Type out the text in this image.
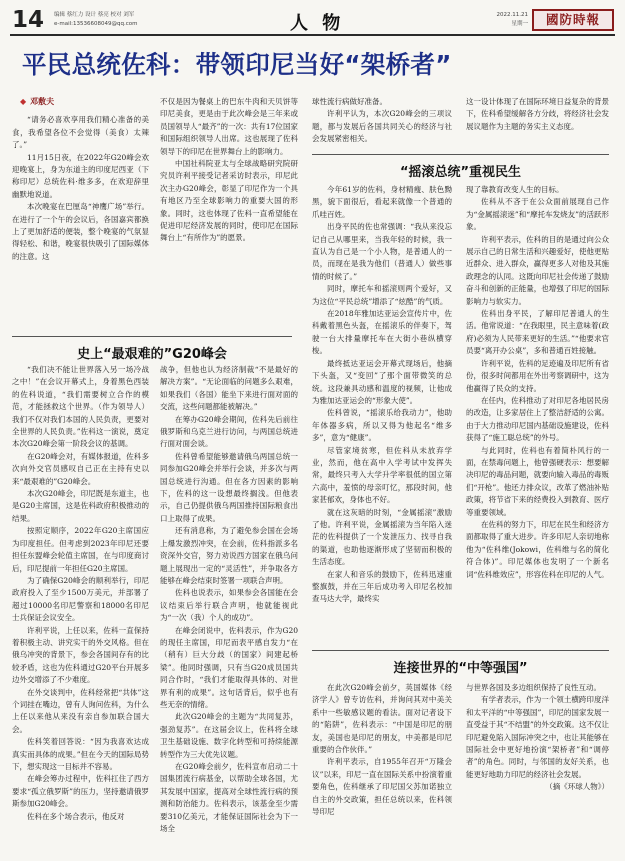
14 编辑 蔡红力 设计 蔡亮 校对 刘军
e-mail:13536608049@qq.com	人 物	2022.11.21
星期一	國防時報
平民总统佐科：带领印尼当好“架桥者”
◆ 邓敷夫

“请务必喜欢享用我们精心准备的美食，我希望各位不会觉得（美食）太辣了。”

11月15日夜，在2022年G20峰会欢迎晚宴上，身为东道主的印度尼西亚（下称印尼）总统佐科·维多多，在欢迎辞里幽默地说道。

本次晚宴在巴厘岛“神鹰广场”举行。在进行了一个午的会议后，各国嘉宾都换上了更加舒适的便装，整个晚宴的气氛显得轻松、和谐，晚宴很快吸引了国际媒体的注意。这

史上“最艰难的”G20峰会

“我们决不能让世界落入另一场冷战之中！”在会议开幕式上，身着黑色西装的佐科说道，“我们需要树立合作的模范，才能拯救这个世界。（作为领导人）我们不仅对我们本国的人民负责，更要对全世界的人民负责。”佐科这一演说，奠定本次G20峰会第一阶段会议的基调。

在G20峰会对，有媒体报道，佐科多次向外交官员感叹自己正在主持有史以来“最艰难的”G20峰会。

本次G20峰会，印尼既是东道主，也是G20主席国，这是佐科政府积极推动的结果。

按照定顺序，2022年G20主席国应为印度担任。但考虑到2023年印尼还要担任东盟峰会轮值主席国，在与印度商讨后，印尼提前一年担任G20主席国。

为了确保G20峰会的顺利举行，印尼政府投入了至少1500万美元，并部署了超过10000名印尼警察和18000名印尼士兵保证会议安全。

许利平说，上任以来，佐科一直保持着积极主动、讲究实干的外交风格。但在俄乌冲突的背景下，参会各国间存有的比较矛盾，这也为佐科通过G20平台开展多边外交增添了不少难度。

在外交谈判中，佐科经常把“共体”这个词挂在嘴边，曾有人询问佐科，为什么上任以来他从来没有亲自参加联合国大会。

佐科笑着回答说：“因为我喜欢达成真实而具体的成果。”但在今天的国际局势下，想实现这一目标并不容易。

在峰会筹办过程中，佐科扛住了西方要求“孤立俄罗斯”的压力，坚持邀请俄罗斯参加G20峰会。

佐科在多个场合表示，他反对

不仅是因为餐桌上的巴东牛肉和天贝饼等印尼美食，更是由于此次峰会是三年来或员国领导人“最齐”的一次：共有17位国家和国际组织领导人出席。这也展现了佐科领导下的印尼在世界舞台上的影响力。

中国社科院亚太与全球战略研究院研究员许利平接受记者采访时表示，印尼此次主办G20峰会，彰显了印尼作为一个具有地区乃至全球影响力的重要大国的形象。同时，这也体现了佐科一直希望能在促进印尼经济发展的同时，使印尼在国际舞台上“有所作为”的愿景。

战争，但他也认为经济制裁“不是最好的解决方案”。“无论面临的问题多么艰难，如果我们（各国）能坐下来进行面对面的交流，这些问题都能被解决。”

在筹办G20峰会期间，佐科先后前往俄罗斯和乌克兰进行访问，与两国总统进行面对面会谈。

佐科曾希望能够邀请俄乌两国总统一同参加G20峰会并举行会谈，并多次与两国总统进行沟通。但在各方因素的影响下，佐科的这一设想最终搁浅。但他表示，自己仍提供俄乌两国推持国际粮食出口上取得了成果。

还有消息称，为了避免参会国在会场上爆发激烈冲突，在会前，佐科指派多名资深外交官，努力劝说西方国家在俄乌问题上展现出一定的“灵活性”，并争取各方能够在峰会结束时签署一项联合声明。

佐科也说表示，如果参会各国能在会议结束后举行联合声明，他就能视此为“一次（我）个人的成功”。

在峰会闭说中，佐科表示，作为G20的现任主席国，印尼而表平感自发力“在（稍有）巨大分歧（的国家）间建起桥梁”。他同时强调，只有当G20成员国共同合作时，“我们才能取得具体的、对世界有利的成果”。这句话背后，似乎也有些无奈的情绪。

此次G20峰会的主题为“共同复苏，强劲复苏”。在这届会议上，佐科将全球卫生基础设施、数字化转型和可持续能源转型作为三大优先议题。

在G20峰会前夕，佐科宣布启动二十国集团流行病基金，以帮助全球各国，尤其发展中国家，提高对全球性流行病的预测和防治能力。佐科表示，该基金至少需要310亿美元，才能保证国际社会为下一场全

球性流行病做好准备。

许利平认为，本次G20峰会的三项议题，都与发展后各国共同关心的经济与社会发展紧密相关。

“摇滚总统”重视民生

今年61岁的佐科，身材精瘦、肤色黝黑，貌下面很后，看起来就像一个普通的爪哇百姓。

出身平民的佐也常强调：“我从来没忘记自己从哪里来，当我年轻的时候，我一直认为自己是一个小人物，是普通人的一员，而现在是我为他们（普通人）做些事情的时候了。”

同时，摩托车和摇滚则两个爱好，又为这位“平民总统”增添了“炫酷”的气质。

在2018年雅加达亚运会宣传片中，佐科戴着黑色头盔，在摇滚乐的伴奏下，驾驶一台大排量摩托车在大街小巷纵横穿梭。

最终抵达亚运会开幕式现场后，他摘下头盔，又“变回”了那个面带微笑的总统。这段兼具动感和温度的视频，让他成为雅加达亚运会的“形象大使”。

佐科曾说，“摇滚乐给我动力”，他助年体器多病，所以又得为他起名“维多多”，意为“健康”。

尽管家境贫寒，但佐科从未放弃学业，然而，他在高中入学考试中发挥失常，最终只考入大学升学率很低的国立第六高中，羞愤的母亲叮忆，那段时间，他家甚郁欢，身体也不好。

就在这灰暗的时刻，“金属摇滚”激励了他。许利平说，金属摇滚为当年陷入迷茫的佐科提供了一个发泄压力、找寻自我的渠道，也助他逐渐形成了坚韧而积极的生活态度。

在家人和音乐的鼓励下，佐科迅速重整旗鼓，并在三年后成功考入印尼名校加查马达大学，最终实

连接世界的“中等强国”

在此次G20峰会前夕，英国媒体《经济学人》曾专访佐科，并询问其对中美关系中一些敏感议题的看法。面对记者设下的“陷阱”，佐科表示：“中国是印尼的朋友，美国也是印尼的朋友，中美都是印尼重要的合作伙伴。”

许利平表示，自1955年召开“万隆会议”以来，印尼一直在国际关系中扮演着重要角色，佐科继承了印尼国父苏加诺独立自主的外交政策，担任总统以来，佐科领导印尼

这一设计体现了在国际环境日益复杂的背景下，佐科希望缓解各方分歧，将经济社会发展议题作为主题的务实主义态度。

现了靠教育改变人生的目标。

佐科从不吝于在公众面前展现自己作为“金属摇滚迷”和“摩托车发烧友”的活跃形象。

许利平表示，佐科的目的是通过向公众展示自己的日常生活和兴趣爱好，使他更贴近群众、进入群众，赢得更多人对他及其施政理念的认同。这既向印尼社会传递了鼓励奋斗和创新的正能量，也增强了印尼的国际影响力与软实力。

佐科出身平民，了解印尼普通人的生活。他常说道：“在我眼里，民主意味着(政府)必须为人民带来更好的生活。”“他要求官员要“离开办公桌”，多和普通百姓接触。

许利平说，佐科的足迹遍及印尼所有省份，很多时间都用在外出考察调研中，这为他赢得了民众的支持。

在任内，佐科推动了对印尼各地居民房的改造，让多家居住上了整洁舒适的公寓。由于大力推动印尼国内基础设施建设，佐科获得了“施工聪总统”的外号。

与此同时，佐科也有着简朴风行的一面，在禁毒问题上，他曾强硬表示：想要解决印尼的毒品问题，就要向输入毒品的毒贩们“开枪”。他还力排众议，改革了燃油补贴政策，将节省下来的经费投入到教育、医疗等重要领域。

在佐科的努力下，印尼在民生和经济方面都取得了重大进步。许多印尼人亲切地称他为“佐科维(Jokowi，佐科维与名的简化符合体)”。印尼媒体也发明了一个新名词“佐科维效应”，形容佐科在印尼的人气。

与世界各国及多边组织保持了良性互动。

有学者表示，作为一个领土横跨印度洋和太平洋的“中等强国”，印尼的国家发展一直受益于其“不结盟”的外交政策。这不仅让印尼避免陷入国际冲突之中，也让其能够在国际社会中更好地扮演“架桥者”和“调停者”的角色。同时，与邻国的友好关系，也能更好地助力印尼的经济社会发展。

（摘《环球人物》）
